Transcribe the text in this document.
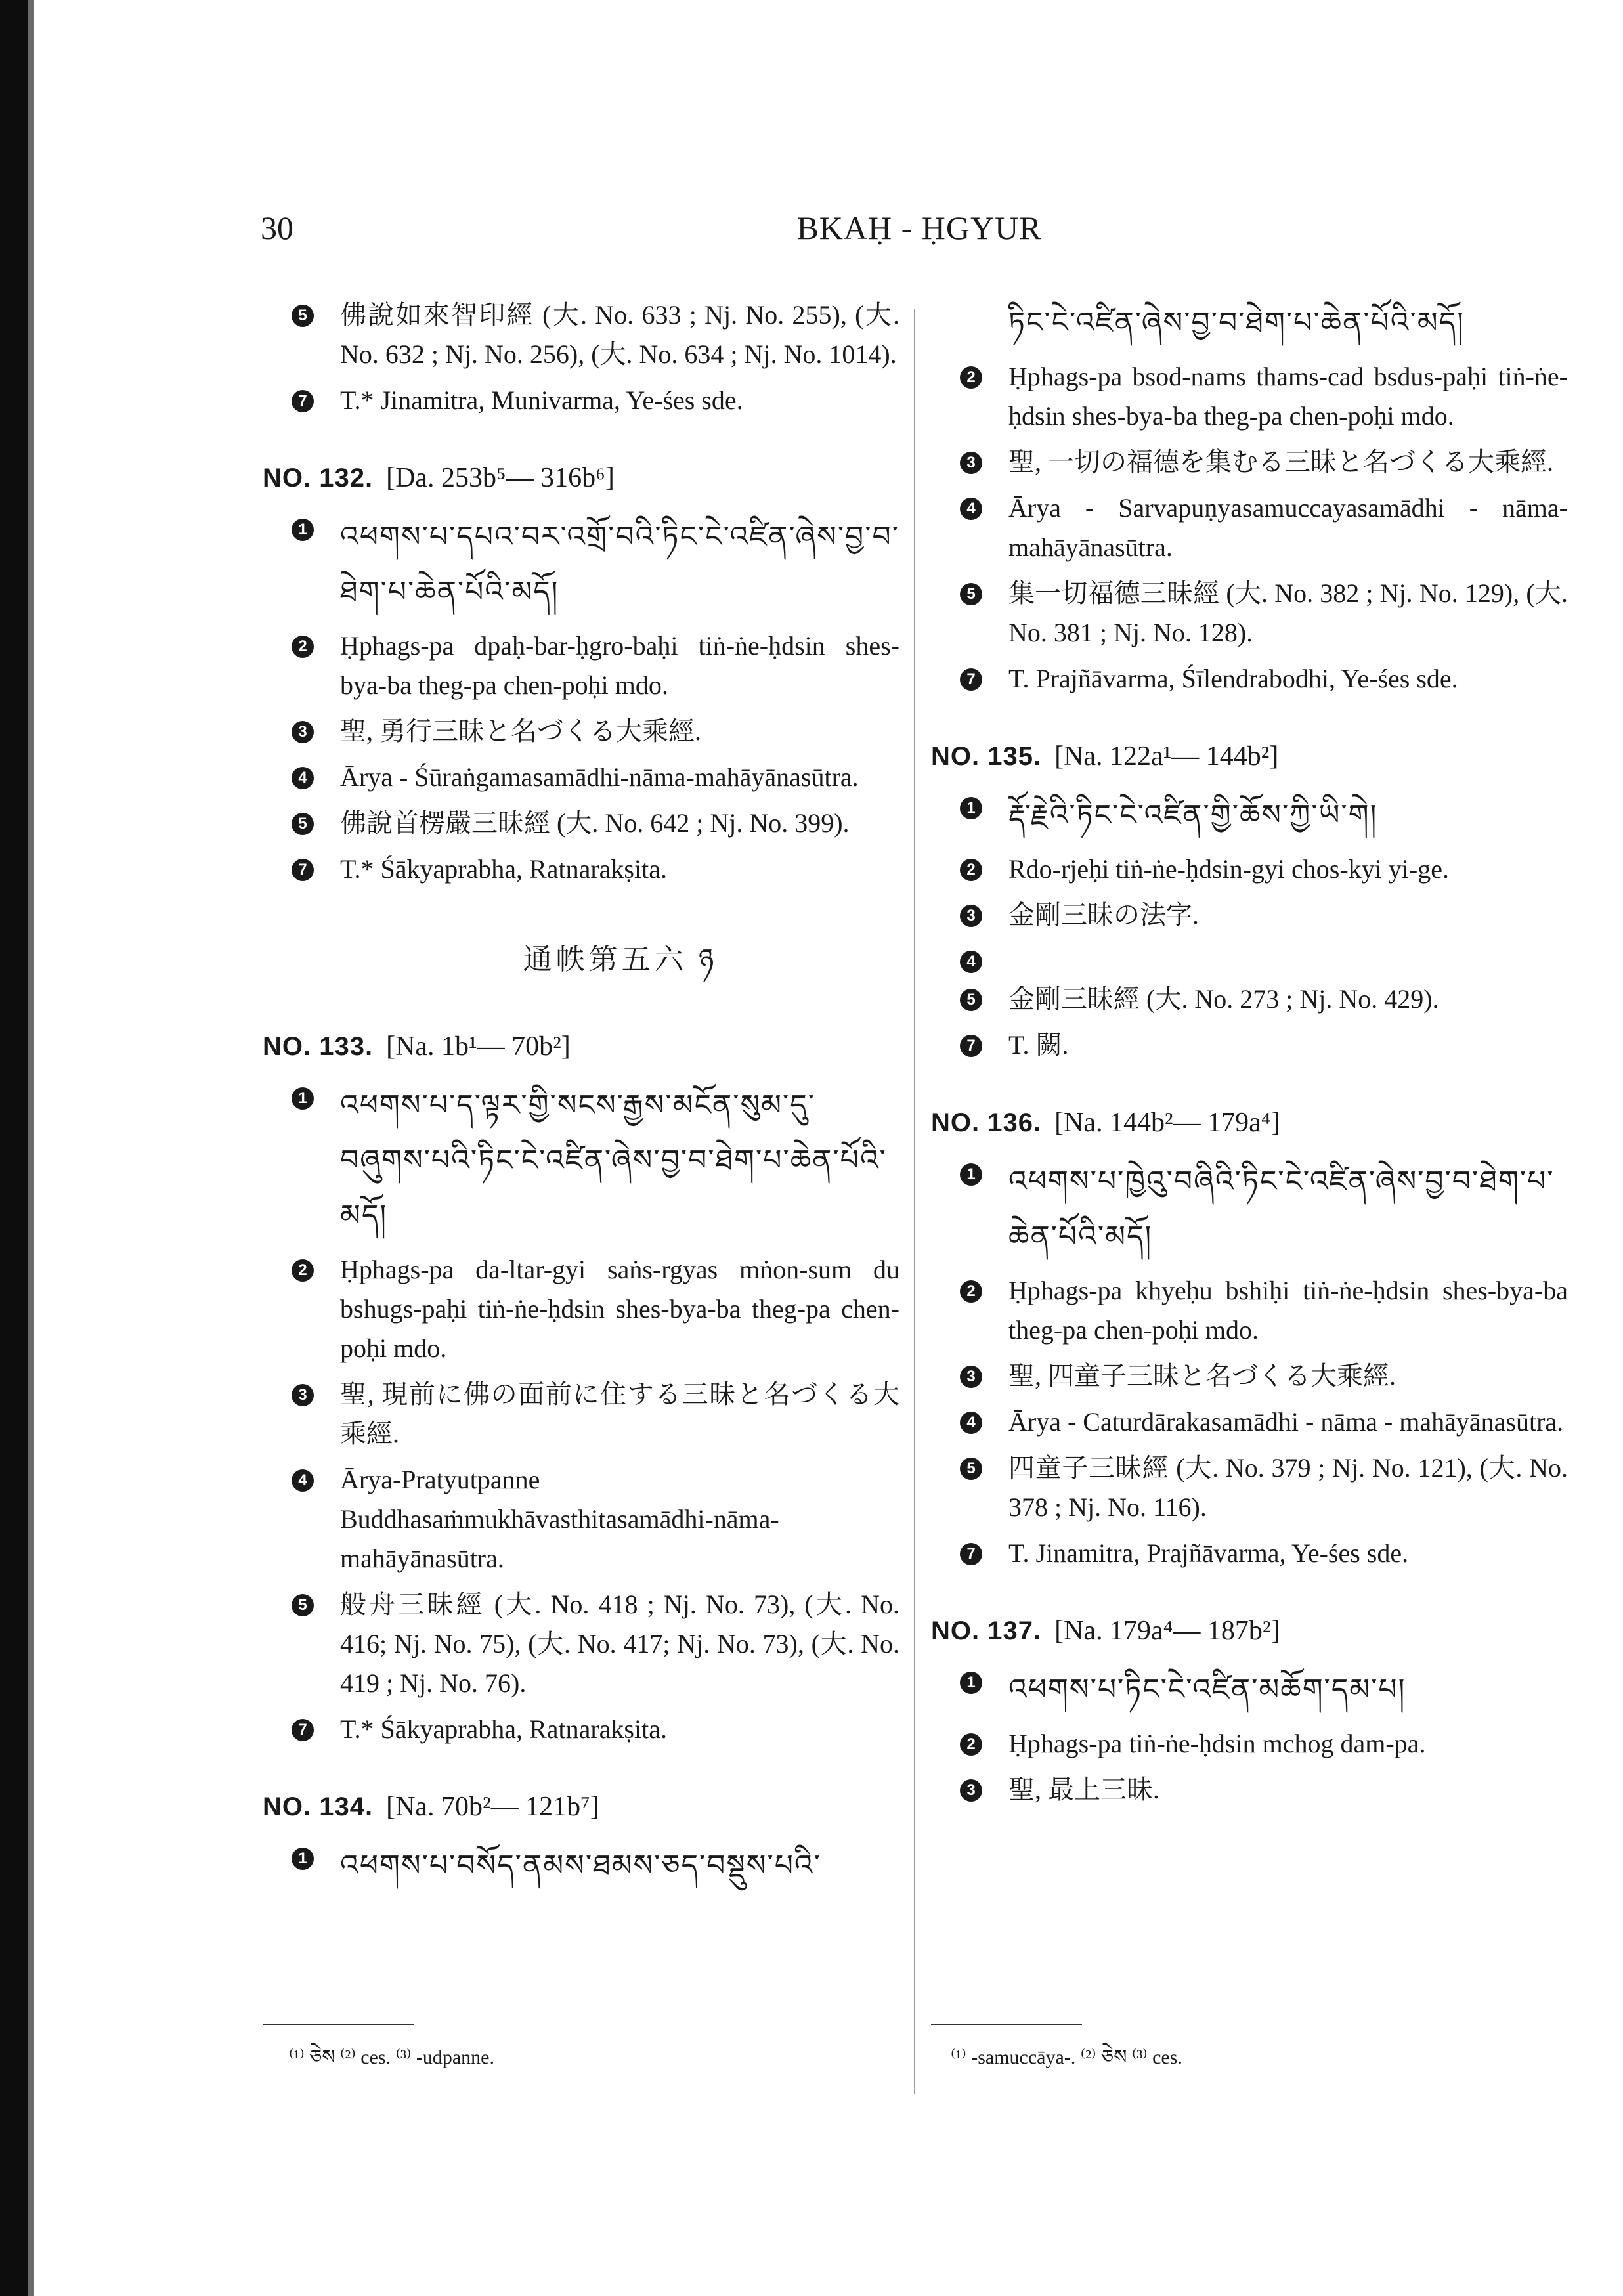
30	BKAḤ - ḤGYUR
5 佛說如來智印經 (大. No. 633 ; Nj. No. 255), (大. No. 632 ; Nj. No. 256), (大. No. 634 ; Nj. No. 1014).
7 T.* Jinamitra, Munivarma, Ye-śes sde.
NO. 132. [Da. 253b⁵— 316b⁶]
1 འཕགས་པ་དཔའ་བར་འགྲོ་བའི་ཏིང་ངེ་འཛིན་ཞེས་བྱ་བ་ཐེག་པ་ཆེན་པོའི་མདོ།
2 Ḥphags-pa dpaḥ-bar-ḥgro-baḥi tiṅ-ṅe-ḥdsin shes-bya-ba theg-pa chen-poḥi mdo.
3 聖, 勇行三昧と名づくる大乘經.
4 Ārya - Śūraṅgamasamādhi-nāma-mahāyānasūtra.
5 佛說首楞嚴三昧經 (大. No. 642 ; Nj. No. 399).
7 T.* Śākyaprabha, Ratnarakṣita.
通帙第五六 ཉ
NO. 133. [Na. 1b¹— 70b²]
1 འཕགས་པ་ད་ལྟར་གྱི་སངས་རྒྱས་མངོན་སུམ་དུ་བཞུགས་པའི་ཏིང་ངེ་འཛིན་ཞེས་བྱ་བ་ཐེག་པ་ཆེན་པོའི་མདོ།
2 Ḥphags-pa da-ltar-gyi saṅs-rgyas mṅon-sum du bshugs-paḥi tiṅ-ṅe-ḥdsin shes-bya-ba theg-pa chen-poḥi mdo.
3 聖, 現前に佛の面前に住する三昧と名づくる大乘經.
4 Ārya-Pratyutpanne Buddhasaṁmukhāvasthitasamādhi-nāma-mahāyānasūtra.
5 般舟三昧經 (大. No. 418 ; Nj. No. 73), (大. No. 416; Nj. No. 75), (大. No. 417; Nj. No. 73), (大. No. 419 ; Nj. No. 76).
7 T.* Śākyaprabha, Ratnarakṣita.
NO. 134. [Na. 70b²— 121b⁷]
1 འཕགས་པ་བསོད་ནམས་ཐམས་ཅད་བསྡུས་པའི་
ཏིང་ངེ་འཛིན་ཞེས་བྱ་བ་ཐེག་པ་ཆེན་པོའི་མདོ།
2 Ḥphags-pa bsod-nams thams-cad bsdus-paḥi tiṅ-ṅe-ḥdsin shes-bya-ba theg-pa chen-poḥi mdo.
3 聖, 一切の福德を集むる三昧と名づくる大乘經.
4 Ārya - Sarvapuṇyasamuccayasamādhi - nāma-mahāyānasūtra.
5 集一切福德三昧經 (大. No. 382 ; Nj. No. 129), (大. No. 381 ; Nj. No. 128).
7 T. Prajñāvarma, Śīlendrabodhi, Ye-śes sde.
NO. 135. [Na. 122a¹— 144b²]
1 རྡོ་རྗེའི་ཏིང་ངེ་འཛིན་གྱི་ཆོས་ཀྱི་ཡི་གེ།
2 Rdo-rjeḥi tiṅ-ṅe-ḥdsin-gyi chos-kyi yi-ge.
3 金剛三昧の法字.
4
5 金剛三昧經 (大. No. 273 ; Nj. No. 429).
7 T. 闕.
NO. 136. [Na. 144b²— 179a⁴]
1 འཕགས་པ་ཁྱེའུ་བཞིའི་ཏིང་ངེ་འཛིན་ཞེས་བྱ་བ་ཐེག་པ་ཆེན་པོའི་མདོ།
2 Ḥphags-pa khyeḥu bshiḥi tiṅ-ṅe-ḥdsin shes-bya-ba theg-pa chen-poḥi mdo.
3 聖, 四童子三昧と名づくる大乘經.
4 Ārya - Caturdārakasamādhi - nāma - mahāyānasūtra.
5 四童子三昧經 (大. No. 379 ; Nj. No. 121), (大. No. 378 ; Nj. No. 116).
7 T. Jinamitra, Prajñāvarma, Ye-śes sde.
NO. 137. [Na. 179a⁴— 187b²]
1 འཕགས་པ་ཏིང་ངེ་འཛིན་མཆོག་དམ་པ།
2 Ḥphags-pa tiṅ-ṅe-ḥdsin mchog dam-pa.
3 聖, 最上三昧.
⁽¹⁾ ཅེས ⁽²⁾ ces. ⁽³⁾ -udpanne.	⁽¹⁾ -samuccāya-. ⁽²⁾ ཅེས ⁽³⁾ ces.
